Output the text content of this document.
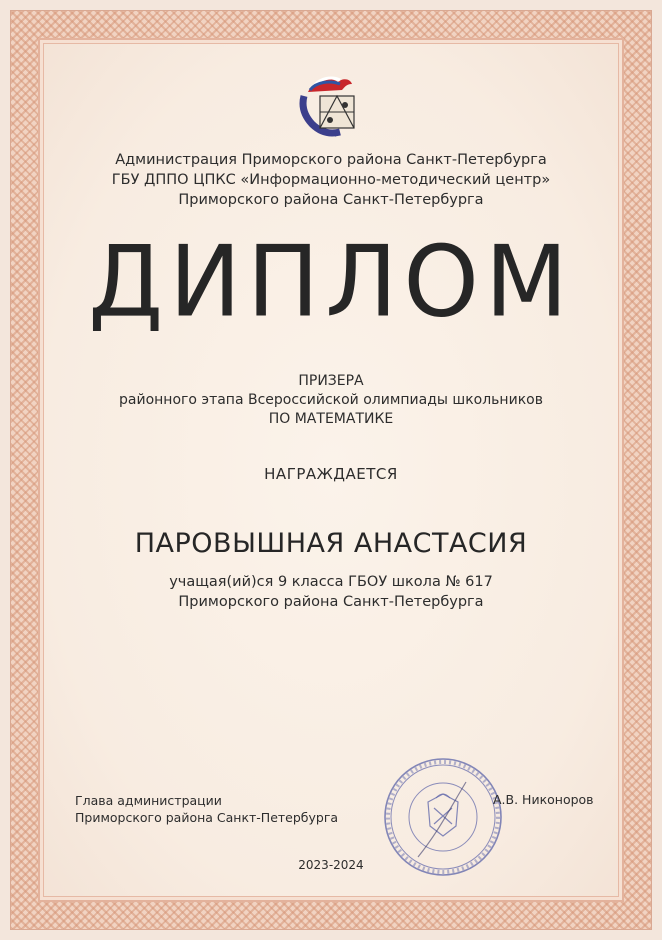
Администрация Приморского района Санкт-Петербурга
ГБУ ДППО ЦПКС «Информационно-методический центр»
Приморского района Санкт-Петербурга
ДИПЛОМ
ПРИЗЕРА
районного этапа Всероссийской олимпиады школьников
ПО МАТЕМАТИКЕ
НАГРАЖДАЕТСЯ
ПАРОВЫШНАЯ АНАСТАСИЯ
учащая(ий)ся 9 класса ГБОУ школа № 617
Приморского района Санкт-Петербурга
Глава администрации
Приморского района Санкт-Петербурга
А.В. Никоноров
2023-2024
